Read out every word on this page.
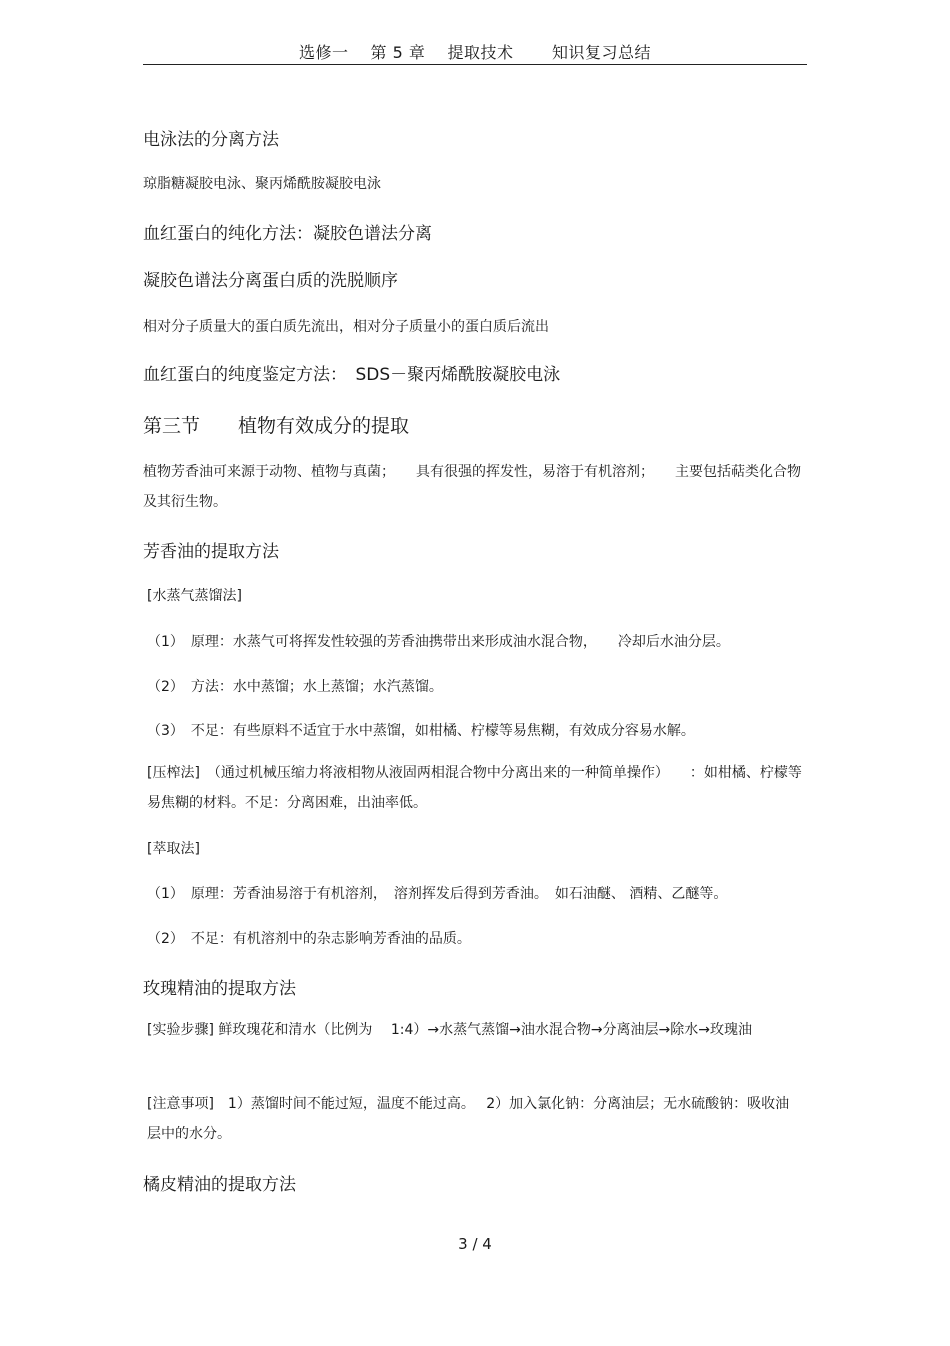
选修一　 第 5 章　 提取技术　　 知识复习总结
电泳法的分离方法
琼脂糖凝胶电泳、聚丙烯酰胺凝胶电泳
血红蛋白的纯化方法：凝胶色谱法分离
凝胶色谱法分离蛋白质的洗脱顺序
相对分子质量大的蛋白质先流出，相对分子质量小的蛋白质后流出
血红蛋白的纯度鉴定方法：　SDS－聚丙烯酰胺凝胶电泳
第三节　　植物有效成分的提取
植物芳香油可来源于动物、植物与真菌；　　具有很强的挥发性，易溶于有机溶剂；　　主要包括萜类化合物及其衍生物。
芳香油的提取方法
[水蒸气蒸馏法]
（1）　原理：水蒸气可将挥发性较强的芳香油携带出来形成油水混合物，　　冷却后水油分层。
（2）　方法：水中蒸馏；水上蒸馏；水汽蒸馏。
（3）　不足：有些原料不适宜于水中蒸馏，如柑橘、柠檬等易焦糊，有效成分容易水解。
[压榨法]　（通过机械压缩力将液相物从液固两相混合物中分离出来的一种简单操作）　　：如柑橘、柠檬等易焦糊的材料。不足：分离困难，出油率低。
[萃取法]
（1）　原理：芳香油易溶于有机溶剂，　溶剂挥发后得到芳香油。　如石油醚、 酒精、乙醚等。
（2）　不足：有机溶剂中的杂志影响芳香油的品质。
玫瑰精油的提取方法
[实验步骤] 鲜玫瑰花和清水（比例为　 1:4）→水蒸气蒸馏→油水混合物→分离油层→除水→玫瑰油
[注意事项]　1）蒸馏时间不能过短，温度不能过高。　 2）加入氯化钠：分离油层；无水硫酸钠：吸收油层中的水分。
橘皮精油的提取方法
3 / 4
